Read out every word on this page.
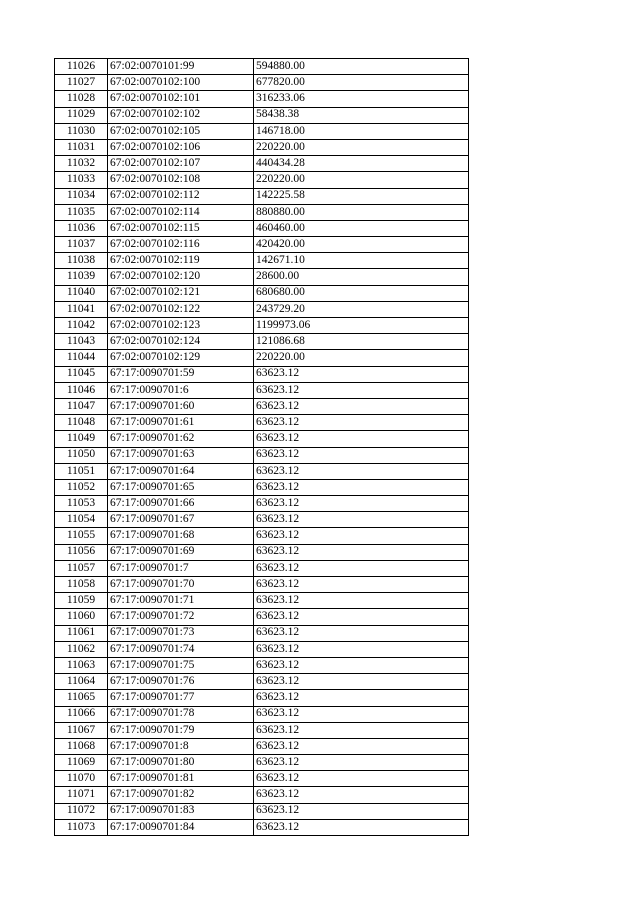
11026	67:02:0070101:99	594880.00
11027	67:02:0070102:100	677820.00
11028	67:02:0070102:101	316233.06
11029	67:02:0070102:102	58438.38
11030	67:02:0070102:105	146718.00
11031	67:02:0070102:106	220220.00
11032	67:02:0070102:107	440434.28
11033	67:02:0070102:108	220220.00
11034	67:02:0070102:112	142225.58
11035	67:02:0070102:114	880880.00
11036	67:02:0070102:115	460460.00
11037	67:02:0070102:116	420420.00
11038	67:02:0070102:119	142671.10
11039	67:02:0070102:120	28600.00
11040	67:02:0070102:121	680680.00
11041	67:02:0070102:122	243729.20
11042	67:02:0070102:123	1199973.06
11043	67:02:0070102:124	121086.68
11044	67:02:0070102:129	220220.00
11045	67:17:0090701:59	63623.12
11046	67:17:0090701:6	63623.12
11047	67:17:0090701:60	63623.12
11048	67:17:0090701:61	63623.12
11049	67:17:0090701:62	63623.12
11050	67:17:0090701:63	63623.12
11051	67:17:0090701:64	63623.12
11052	67:17:0090701:65	63623.12
11053	67:17:0090701:66	63623.12
11054	67:17:0090701:67	63623.12
11055	67:17:0090701:68	63623.12
11056	67:17:0090701:69	63623.12
11057	67:17:0090701:7	63623.12
11058	67:17:0090701:70	63623.12
11059	67:17:0090701:71	63623.12
11060	67:17:0090701:72	63623.12
11061	67:17:0090701:73	63623.12
11062	67:17:0090701:74	63623.12
11063	67:17:0090701:75	63623.12
11064	67:17:0090701:76	63623.12
11065	67:17:0090701:77	63623.12
11066	67:17:0090701:78	63623.12
11067	67:17:0090701:79	63623.12
11068	67:17:0090701:8	63623.12
11069	67:17:0090701:80	63623.12
11070	67:17:0090701:81	63623.12
11071	67:17:0090701:82	63623.12
11072	67:17:0090701:83	63623.12
11073	67:17:0090701:84	63623.12
